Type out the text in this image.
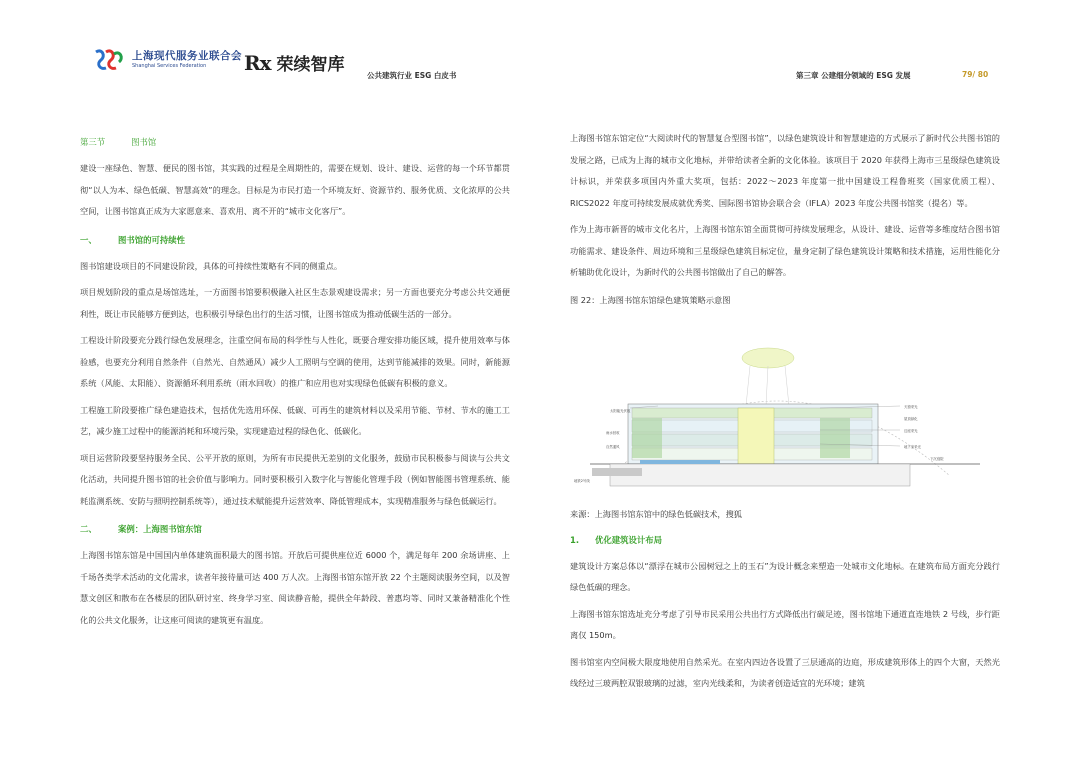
上海现代服务业联合会
Shanghai Services Federation	Rx 荣续智库
公共建筑行业 ESG 白皮书	第三章 公建细分领域的 ESG 发展	79/ 80
第三节	图书馆

建设一座绿色、智慧、便民的图书馆，其实践的过程是全周期性的，需要在规划、设计、建设、运营的每一个环节都贯彻“以人为本、绿色低碳、智慧高效”的理念。目标是为市民打造一个环境友好、资源节约、服务优质、文化浓厚的公共空间，让图书馆真正成为大家愿意来、喜欢用、离不开的“城市文化客厅”。

一、	图书馆的可持续性

图书馆建设项目的不同建设阶段，具体的可持续性策略有不同的侧重点。

项目规划阶段的重点是场馆选址，一方面图书馆要积极融入社区生态景观建设需求；另一方面也要充分考虑公共交通便利性，既让市民能够方便到达，也积极引导绿色出行的生活习惯，让图书馆成为推动低碳生活的一部分。

工程设计阶段要充分践行绿色发展理念，注重空间布局的科学性与人性化，既要合理安排功能区域，提升使用效率与体验感，也要充分利用自然条件（自然光、自然通风）减少人工照明与空调的使用，达到节能减排的效果。同时，新能源系统（风能、太阳能）、资源循环利用系统（雨水回收）的推广和应用也对实现绿色低碳有积极的意义。

工程施工阶段要推广绿色建造技术，包括优先选用环保、低碳、可再生的建筑材料以及采用节能、节材、节水的施工工艺，减少施工过程中的能源消耗和环境污染，实现建造过程的绿色化、低碳化。

项目运营阶段要坚持服务全民、公平开放的原则，为所有市民提供无差别的文化服务，鼓励市民积极参与阅读与公共文化活动，共同提升图书馆的社会价值与影响力。同时要积极引入数字化与智能化管理手段（例如智能图书管理系统、能耗监测系统、安防与照明控制系统等），通过技术赋能提升运营效率、降低管理成本，实现精准服务与绿色低碳运行。

二、	案例：上海图书馆东馆

上海图书馆东馆是中国国内单体建筑面积最大的图书馆。开放后可提供座位近 6000 个，满足每年 200 余场讲座、上千场各类学术活动的文化需求，读者年接待量可达 400 万人次。上海图书馆东馆开放 22 个主题阅读服务空间，以及智慧文创区和散布在各楼层的团队研讨室、终身学习室、阅读静音舱，提供全年龄段、普惠均等、同时又兼备精准化个性化的公共文化服务，让这座可阅读的建筑更有温度。

上海图书馆东馆定位“大阅读时代的智慧复合型图书馆”，以绿色建筑设计和智慧建造的方式展示了新时代公共图书馆的发展之路，已成为上海的城市文化地标，并带给读者全新的文化体验。该项目于 2020 年获得上海市三星级绿色建筑设计标识，并荣获多项国内外重大奖项，包括：2022～2023 年度第一批中国建设工程鲁班奖（国家优质工程）、RICS2022 年度可持续发展成就优秀奖、国际图书馆协会联合会（IFLA）2023 年度公共图书馆奖（提名）等。

作为上海市新晋的城市文化名片，上海图书馆东馆全面贯彻可持续发展理念，从设计、建设、运营等多维度结合图书馆功能需求、建设条件、周边环境和三星级绿色建筑目标定位，量身定制了绿色建筑设计策略和技术措施，运用性能化分析辅助优化设计，为新时代的公共图书馆做出了自己的解答。

图 22：上海图书馆东馆绿色建筑策略示意图
来源：上海图书馆东馆中的绿色低碳技术，搜狐
1. 优化建筑设计布局

建筑设计方案总体以“漂浮在城市公园树冠之上的玉石”为设计概念来塑造一处城市文化地标。在建筑布局方面充分践行绿色低碳的理念。

上海图书馆东馆选址充分考虑了引导市民采用公共出行方式降低出行碳足迹，图书馆地下通道直连地铁 2 号线，步行距离仅 150m。

图书馆室内空间极大限度地使用自然采光。在室内四边各设置了三层通高的边庭，形成建筑形体上的四个大窗，天然光线经过三玻两腔双银玻璃的过滤，室内光线柔和，为读者创造适宜的光环境；建筑

太阳能光伏板
雨水回收
自然通风
天窗采光
屋顶绿化
边庭采光
地下室采光
下沉庭院
地铁2号线
